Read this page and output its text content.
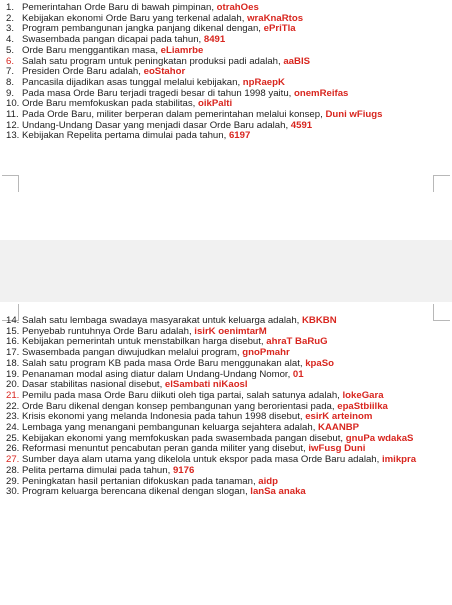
1. Pemerintahan Orde Baru di bawah pimpinan, otrahOes
2. Kebijakan ekonomi Orde Baru yang terkenal adalah, wraKnaRtos
3. Program pembangunan jangka panjang dikenal dengan, ePriTla
4. Swasembada pangan dicapai pada tahun, 8491
5. Orde Baru menggantikan masa, eLiamrbe
6. Salah satu program untuk peningkatan produksi padi adalah, aaBIS
7. Presiden Orde Baru adalah, eoStahor
8. Pancasila dijadikan asas tunggal melalui kebijakan, npRaepK
9. Pada masa Orde Baru terjadi tragedi besar di tahun 1998 yaitu, onemReifas
10. Orde Baru memfokuskan pada stabilitas, oikPalti
11. Pada Orde Baru, militer berperan dalam pemerintahan melalui konsep, Duni wFiugs
12. Undang-Undang Dasar yang menjadi dasar Orde Baru adalah, 4591
13. Kebijakan Repelita pertama dimulai pada tahun, 6197
14. Salah satu lembaga swadaya masyarakat untuk keluarga adalah, KBKBN
15. Penyebab runtuhnya Orde Baru adalah, isirK oenimtarM
16. Kebijakan pemerintah untuk menstabilkan harga disebut, ahraT BaRuG
17. Swasembada pangan diwujudkan melalui program, gnoPmahr
18. Salah satu program KB pada masa Orde Baru menggunakan alat, kpaSo
19. Penanaman modal asing diatur dalam Undang-Undang Nomor, 01
20. Dasar stabilitas nasional disebut, elSambati niKaosl
21. Pemilu pada masa Orde Baru diikuti oleh tiga partai, salah satunya adalah, lokeGara
22. Orde Baru dikenal dengan konsep pembangunan yang berorientasi pada, epaStbiilka
23. Krisis ekonomi yang melanda Indonesia pada tahun 1998 disebut, esirK arteinom
24. Lembaga yang menangani pembangunan keluarga sejahtera adalah, KAANBP
25. Kebijakan ekonomi yang memfokuskan pada swasembada pangan disebut, gnuPa wdakaS
26. Reformasi menuntut pencabutan peran ganda militer yang disebut, iwFusg Duni
27. Sumber daya alam utama yang dikelola untuk ekspor pada masa Orde Baru adalah, imikpra
28. Pelita pertama dimulai pada tahun, 9176
29. Peningkatan hasil pertanian difokuskan pada tanaman, aidp
30. Program keluarga berencana dikenal dengan slogan, lanSa anaka
